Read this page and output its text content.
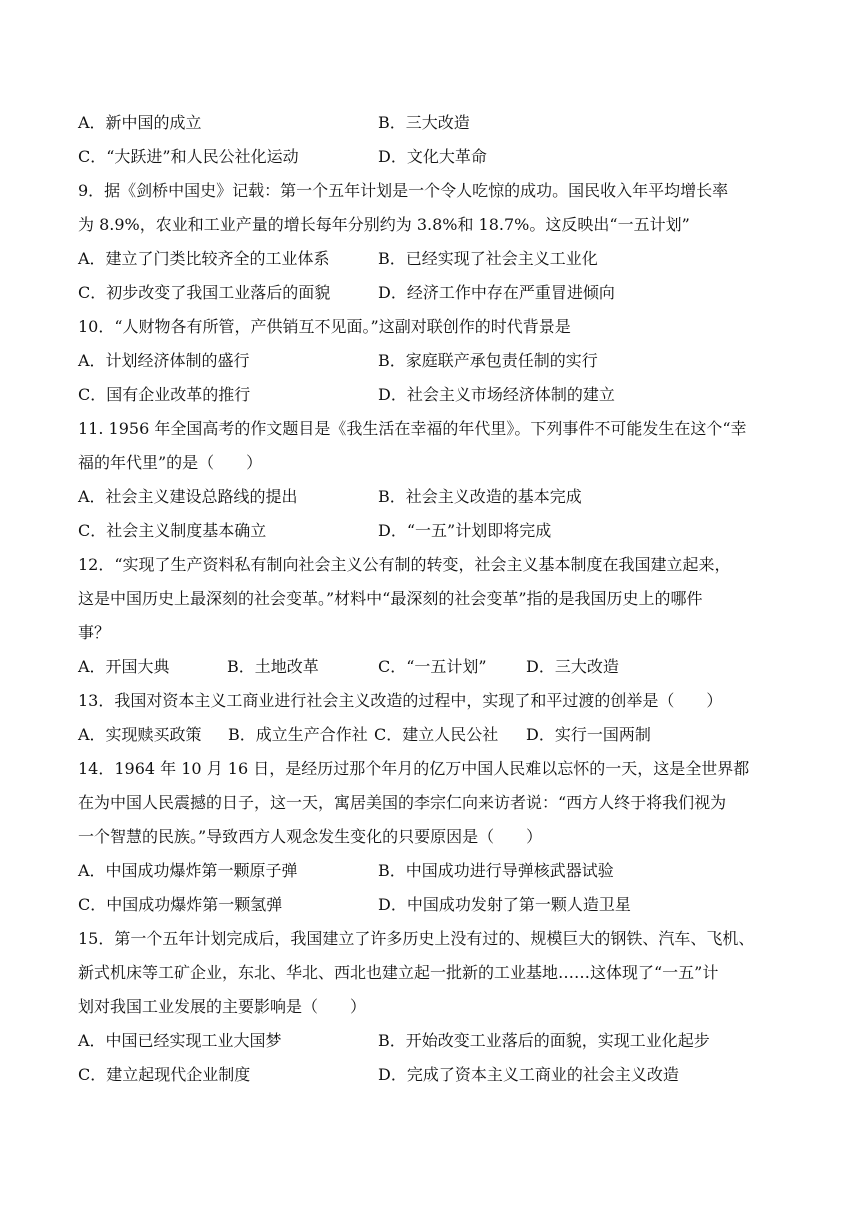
A．新中国的成立	B．三大改造
C．“大跃进”和人民公社化运动	D．文化大革命
9．据《剑桥中国史》记载：第一个五年计划是一个令人吃惊的成功。国民收入年平均增长率
为 8.9%，农业和工业产量的增长每年分别约为 3.8%和 18.7%。这反映出“一五计划”
A．建立了门类比较齐全的工业体系	B．已经实现了社会主义工业化
C．初步改变了我国工业落后的面貌	D．经济工作中存在严重冒进倾向
10．“人财物各有所管，产供销互不见面。”这副对联创作的时代背景是
A．计划经济体制的盛行	B．家庭联产承包责任制的实行
C．国有企业改革的推行	D．社会主义市场经济体制的建立
11. 1956 年全国高考的作文题目是《我生活在幸福的年代里》。下列事件不可能发生在这个“幸
福的年代里”的是（　　）
A．社会主义建设总路线的提出	B．社会主义改造的基本完成
C．社会主义制度基本确立	D．“一五”计划即将完成
12．“实现了生产资料私有制向社会主义公有制的转变，社会主义基本制度在我国建立起来，
这是中国历史上最深刻的社会变革。”材料中“最深刻的社会变革”指的是我国历史上的哪件
事？
A．开国大典	B．土地改革	C．“一五计划” D．三大改造
13．我国对资本主义工商业进行社会主义改造的过程中，实现了和平过渡的创举是（　　）
A．实现赎买政策 B．成立生产合作社 C．建立人民公社 D．实行一国两制
14．1964 年 10 月 16 日，是经历过那个年月的亿万中国人民难以忘怀的一天，这是全世界都
在为中国人民震撼的日子，这一天，寓居美国的李宗仁向来访者说：“西方人终于将我们视为
一个智慧的民族。”导致西方人观念发生变化的只要原因是（　　）
A．中国成功爆炸第一颗原子弹	B．中国成功进行导弹核武器试验
C．中国成功爆炸第一颗氢弹	D．中国成功发射了第一颗人造卫星
15．第一个五年计划完成后，我国建立了许多历史上没有过的、规模巨大的钢铁、汽车、飞机、
新式机床等工矿企业，东北、华北、西北也建立起一批新的工业基地……这体现了“一五”计
划对我国工业发展的主要影响是（　　）
A．中国已经实现工业大国梦	B．开始改变工业落后的面貌，实现工业化起步
C．建立起现代企业制度	D．完成了资本主义工商业的社会主义改造
